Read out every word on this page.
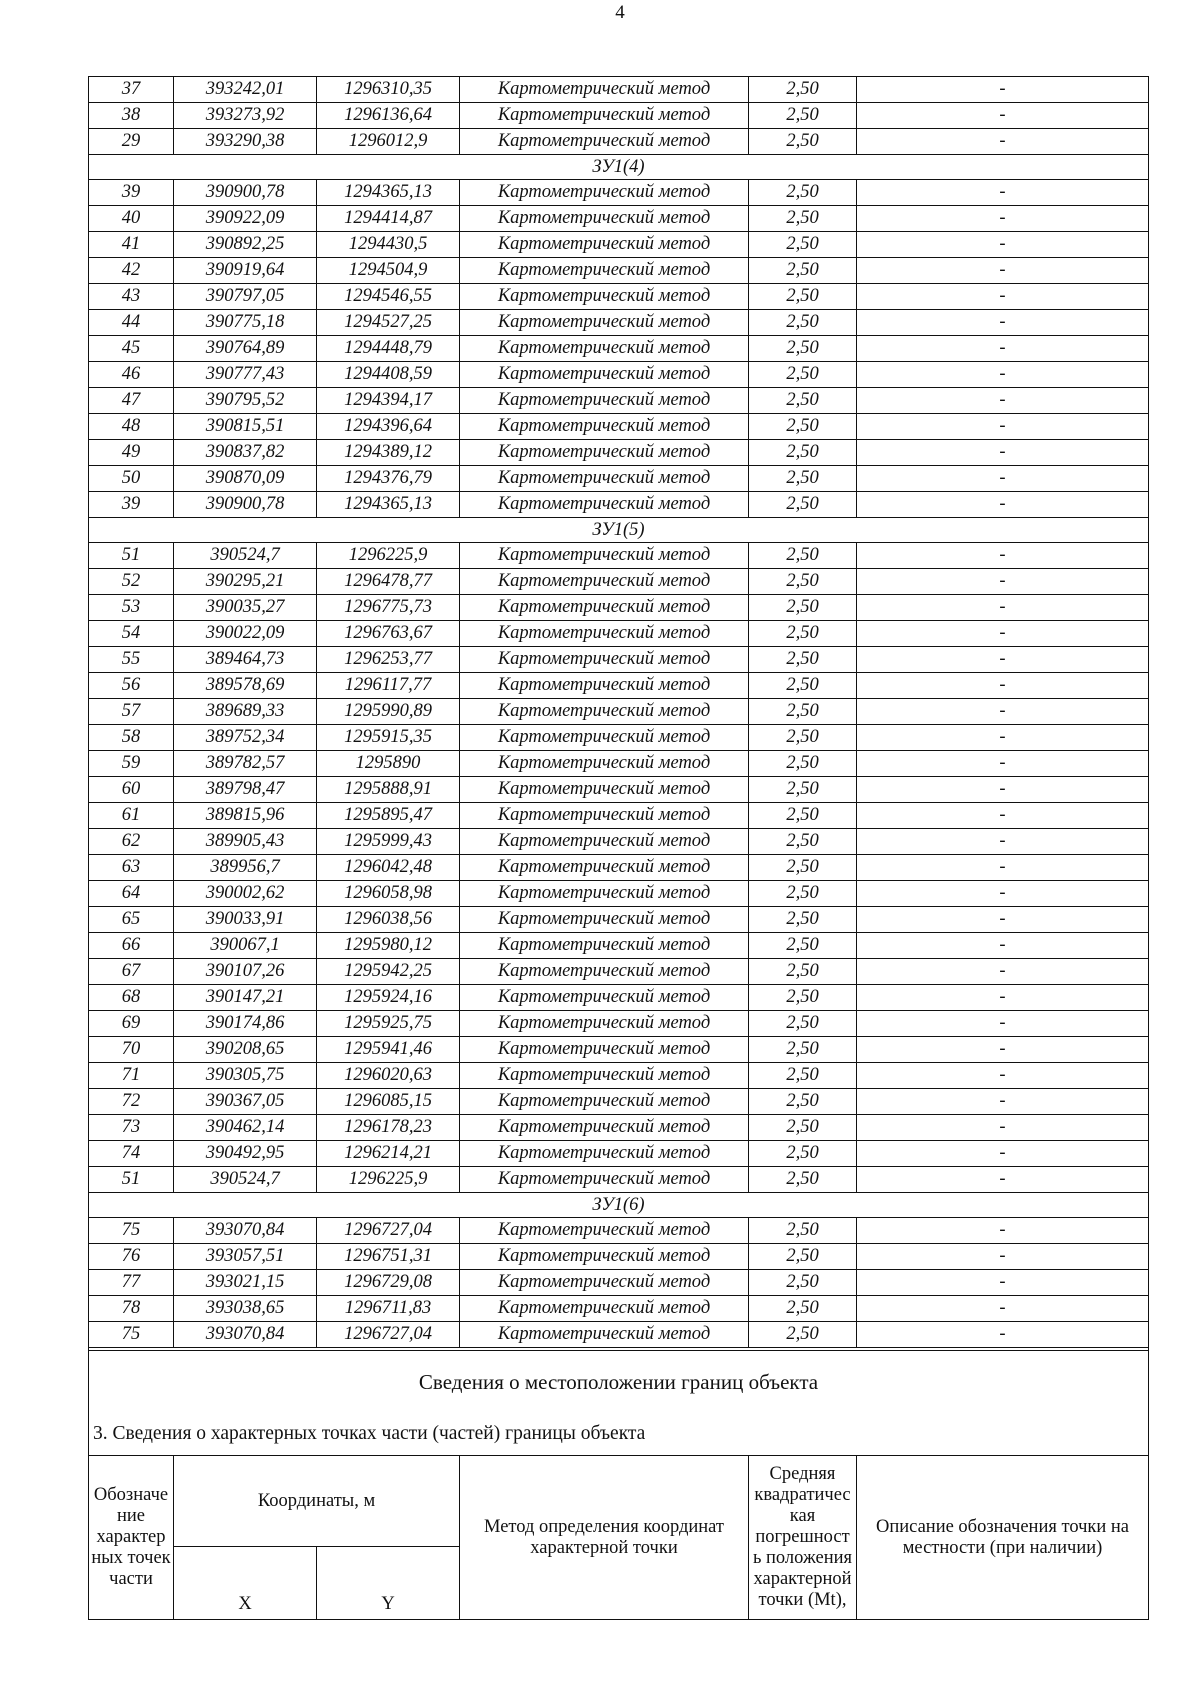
4
37	393242,01	1296310,35	Картометрический метод	2,50	-
38	393273,92	1296136,64	Картометрический метод	2,50	-
29	393290,38	1296012,9	Картометрический метод	2,50	-
ЗУ1(4)					
39	390900,78	1294365,13	Картометрический метод	2,50	-
40	390922,09	1294414,87	Картометрический метод	2,50	-
41	390892,25	1294430,5	Картометрический метод	2,50	-
42	390919,64	1294504,9	Картометрический метод	2,50	-
43	390797,05	1294546,55	Картометрический метод	2,50	-
44	390775,18	1294527,25	Картометрический метод	2,50	-
45	390764,89	1294448,79	Картометрический метод	2,50	-
46	390777,43	1294408,59	Картометрический метод	2,50	-
47	390795,52	1294394,17	Картометрический метод	2,50	-
48	390815,51	1294396,64	Картометрический метод	2,50	-
49	390837,82	1294389,12	Картометрический метод	2,50	-
50	390870,09	1294376,79	Картометрический метод	2,50	-
39	390900,78	1294365,13	Картометрический метод	2,50	-
ЗУ1(5)					
51	390524,7	1296225,9	Картометрический метод	2,50	-
52	390295,21	1296478,77	Картометрический метод	2,50	-
53	390035,27	1296775,73	Картометрический метод	2,50	-
54	390022,09	1296763,67	Картометрический метод	2,50	-
55	389464,73	1296253,77	Картометрический метод	2,50	-
56	389578,69	1296117,77	Картометрический метод	2,50	-
57	389689,33	1295990,89	Картометрический метод	2,50	-
58	389752,34	1295915,35	Картометрический метод	2,50	-
59	389782,57	1295890	Картометрический метод	2,50	-
60	389798,47	1295888,91	Картометрический метод	2,50	-
61	389815,96	1295895,47	Картометрический метод	2,50	-
62	389905,43	1295999,43	Картометрический метод	2,50	-
63	389956,7	1296042,48	Картометрический метод	2,50	-
64	390002,62	1296058,98	Картометрический метод	2,50	-
65	390033,91	1296038,56	Картометрический метод	2,50	-
66	390067,1	1295980,12	Картометрический метод	2,50	-
67	390107,26	1295942,25	Картометрический метод	2,50	-
68	390147,21	1295924,16	Картометрический метод	2,50	-
69	390174,86	1295925,75	Картометрический метод	2,50	-
70	390208,65	1295941,46	Картометрический метод	2,50	-
71	390305,75	1296020,63	Картометрический метод	2,50	-
72	390367,05	1296085,15	Картометрический метод	2,50	-
73	390462,14	1296178,23	Картометрический метод	2,50	-
74	390492,95	1296214,21	Картометрический метод	2,50	-
51	390524,7	1296225,9	Картометрический метод	2,50	-
ЗУ1(6)					
75	393070,84	1296727,04	Картометрический метод	2,50	-
76	393057,51	1296751,31	Картометрический метод	2,50	-
77	393021,15	1296729,08	Картометрический метод	2,50	-
78	393038,65	1296711,83	Картометрический метод	2,50	-
75	393070,84	1296727,04	Картометрический метод	2,50	-

Сведения о местоположении границ объекта					
3. Сведения о характерных точках части (частей) границы объекта					
Обозначе ние характер ных точек части	Координаты, м		Метод определения координат характерной точки	Средняя квадратичес кая погрешност ь положения характерной точки (Mt),	Описание обозначения точки на местности (при наличии)
	X	Y			
